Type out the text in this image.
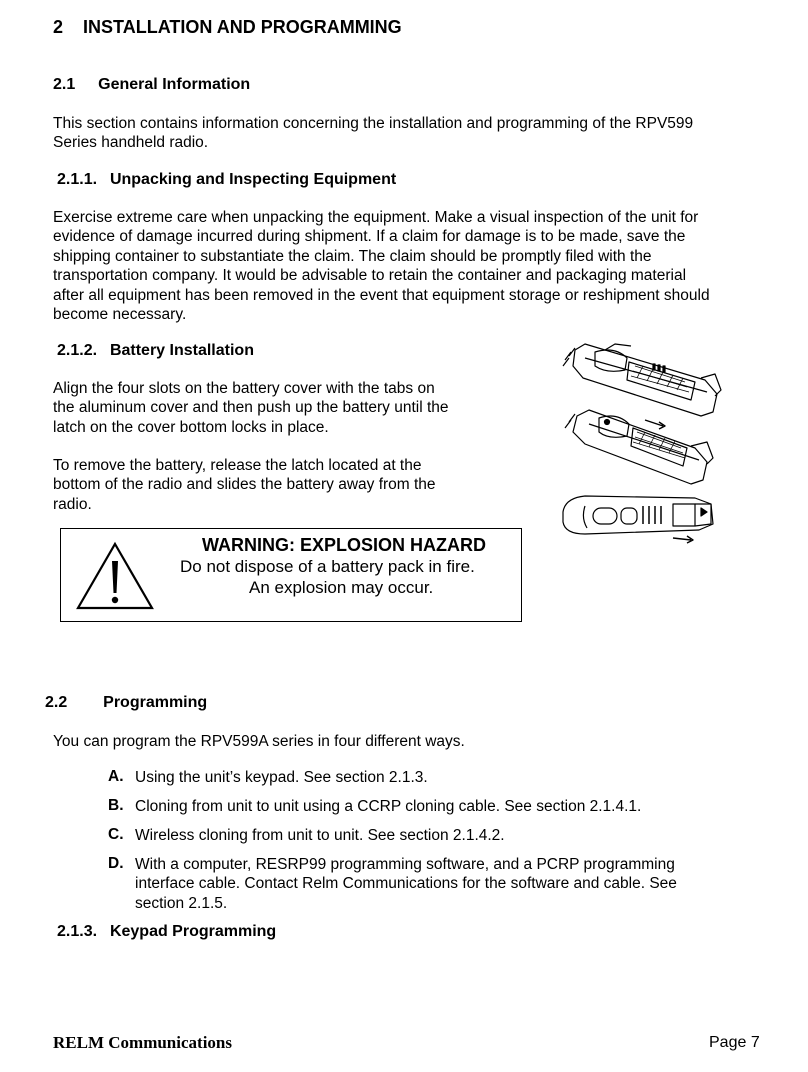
2 INSTALLATION AND PROGRAMMING
2.1 General Information

This section contains information concerning the installation and programming of the RPV599

Series handheld radio.

2.1.1. Unpacking and Inspecting Equipment

Exercise extreme care when unpacking the equipment. Make a visual inspection of the unit for

evidence of damage incurred during shipment. If a claim for damage is to be made, save the

shipping container to substantiate the claim. The claim should be promptly filed with the

transportation company. It would be advisable to retain the container and packaging material

after all equipment has been removed in the event that equipment storage or reshipment should

become necessary.

2.1.2. Battery Installation

Align the four slots on the battery cover with the tabs on

the aluminum cover and then push up the battery until the

latch on the cover bottom locks in place.

To remove the battery, release the latch located at the

bottom of the radio and slides the battery away from the

radio.

WARNING: EXPLOSION HAZARD
Do not dispose of a battery pack in fire.
An explosion may occur.
2.2 Programming

You can program the RPV599A series in four different ways.

A. Using the unit’s keypad. See section 2.1.3.

B. Cloning from unit to unit using a CCRP cloning cable. See section 2.1.4.1.

C. Wireless cloning from unit to unit. See section 2.1.4.2.

D. With a computer, RESRP99 programming software, and a PCRP programming

interface cable. Contact Relm Communications for the software and cable. See

section 2.1.5.

2.1.3. Keypad Programming
RELM Communications	Page 7
